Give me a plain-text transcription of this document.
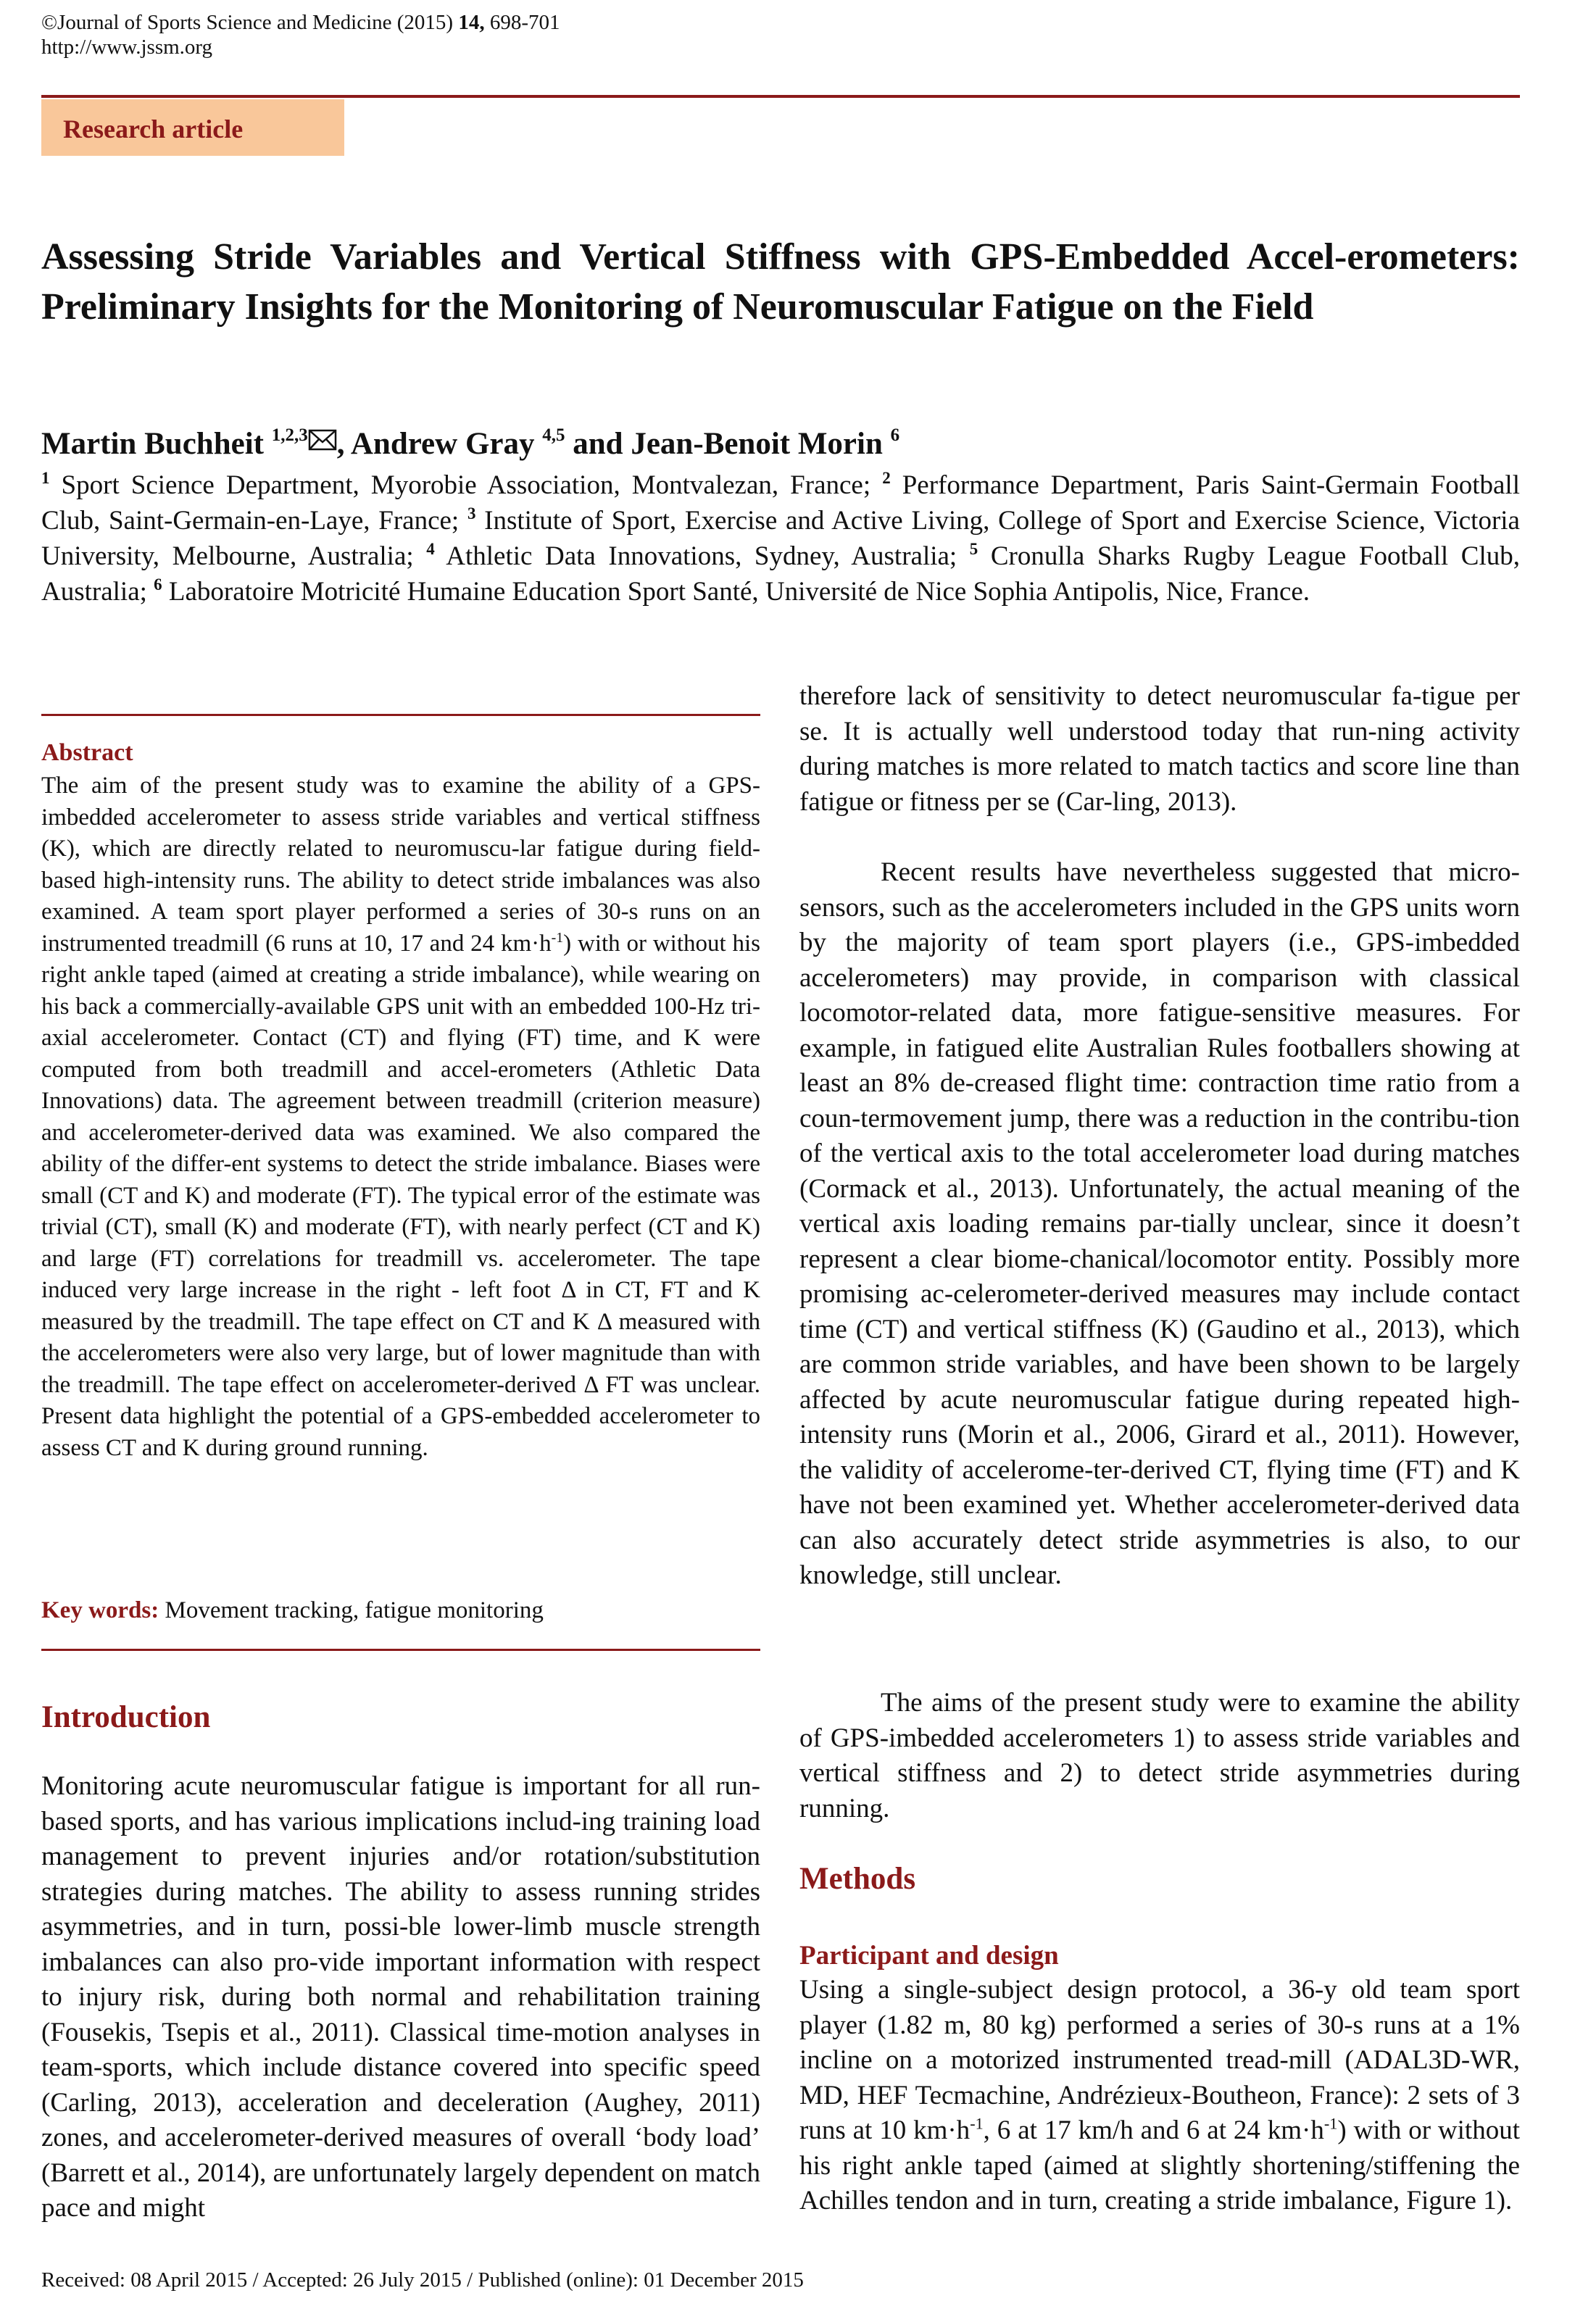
©Journal of Sports Science and Medicine (2015) 14, 698-701
http://www.jssm.org
Research article
Assessing Stride Variables and Vertical Stiffness with GPS-Embedded Accel-erometers: Preliminary Insights for the Monitoring of Neuromuscular Fatigue on the Field
Martin Buchheit $^{1,2,3}$ , Andrew Gray $^{4,5}$ and Jean-Benoit Morin $^6$
$^1$ Sport Science Department, Myorobie Association, Montvalezan, France; $^2$ Performance Department, Paris Saint-Germain Football Club, Saint-Germain-en-Laye, France; $^3$ Institute of Sport, Exercise and Active Living, College of Sport and Exercise Science, Victoria University, Melbourne, Australia; $^4$ Athletic Data Innovations, Sydney, Australia; $^5$ Cronulla Sharks Rugby League Football Club, Australia; $^6$ Laboratoire Motricité Humaine Education Sport Santé, Université de Nice Sophia Antipolis, Nice, France.
Abstract
The aim of the present study was to examine the ability of a GPS-imbedded accelerometer to assess stride variables and vertical stiffness (K), which are directly related to neuromuscu-lar fatigue during field-based high-intensity runs. The ability to detect stride imbalances was also examined. A team sport player performed a series of 30-s runs on an instrumented treadmill (6 runs at 10, 17 and 24 $km\cdot h^{-1}$) with or without his right ankle taped (aimed at creating a stride imbalance), while wearing on his back a commercially-available GPS unit with an embedded 100-Hz tri-axial accelerometer. Contact (CT) and flying (FT) time, and K were computed from both treadmill and accel-erometers (Athletic Data Innovations) data. The agreement between treadmill (criterion measure) and accelerometer-derived data was examined. We also compared the ability of the differ-ent systems to detect the stride imbalance. Biases were small (CT and K) and moderate (FT). The typical error of the estimate was trivial (CT), small (K) and moderate (FT), with nearly perfect (CT and K) and large (FT) correlations for treadmill vs. accelerometer. The tape induced very large increase in the right - left foot Δ in CT, FT and K measured by the treadmill. The tape effect on CT and K Δ measured with the accelerometers were also very large, but of lower magnitude than with the treadmill. The tape effect on accelerometer-derived Δ FT was unclear. Present data highlight the potential of a GPS-embedded accelerometer to assess CT and K during ground running.
Key words: Movement tracking, fatigue monitoring
Introduction
Monitoring acute neuromuscular fatigue is important for all run-based sports, and has various implications includ-ing training load management to prevent injuries and/or rotation/substitution strategies during matches. The ability to assess running strides asymmetries, and in turn, possi-ble lower-limb muscle strength imbalances can also pro-vide important information with respect to injury risk, during both normal and rehabilitation training (Fousekis, Tsepis et al., 2011). Classical time-motion analyses in team-sports, which include distance covered into specific speed (Carling, 2013), acceleration and deceleration (Aughey, 2011) zones, and accelerometer-derived measures of overall ‘body load’ (Barrett et al., 2014), are unfortunately largely dependent on match pace and might
therefore lack of sensitivity to detect neuromuscular fa-tigue per se. It is actually well understood today that run-ning activity during matches is more related to match tactics and score line than fatigue or fitness per se (Car-ling, 2013).
Recent results have nevertheless suggested that micro-sensors, such as the accelerometers included in the GPS units worn by the majority of team sport players (i.e., GPS-imbedded accelerometers) may provide, in comparison with classical locomotor-related data, more fatigue-sensitive measures. For example, in fatigued elite Australian Rules footballers showing at least an 8% de-creased flight time: contraction time ratio from a coun-termovement jump, there was a reduction in the contribu-tion of the vertical axis to the total accelerometer load during matches (Cormack et al., 2013). Unfortunately, the actual meaning of the vertical axis loading remains par-tially unclear, since it doesn’t represent a clear biome-chanical/locomotor entity. Possibly more promising ac-celerometer-derived measures may include contact time (CT) and vertical stiffness (K) (Gaudino et al., 2013), which are common stride variables, and have been shown to be largely affected by acute neuromuscular fatigue during repeated high-intensity runs (Morin et al., 2006, Girard et al., 2011). However, the validity of accelerome-ter-derived CT, flying time (FT) and K have not been examined yet. Whether accelerometer-derived data can also accurately detect stride asymmetries is also, to our knowledge, still unclear.
The aims of the present study were to examine the ability of GPS-imbedded accelerometers 1) to assess stride variables and vertical stiffness and 2) to detect stride asymmetries during running.
Methods
Participant and design
Using a single-subject design protocol, a 36-y old team sport player (1.82 m, 80 kg) performed a series of 30-s runs at a 1% incline on a motorized instrumented tread-mill (ADAL3D-WR, MD, HEF Tecmachine, Andrézieux-Boutheon, France): 2 sets of 3 runs at 10 $km\cdot h^{-1}$, 6 at 17 km/h and 6 at 24 $km\cdot h^{-1}$) with or without his right ankle taped (aimed at slightly shortening/stiffening the Achilles tendon and in turn, creating a stride imbalance, Figure 1).
Received: 08 April 2015 / Accepted: 26 July 2015 / Published (online): 01 December 2015
